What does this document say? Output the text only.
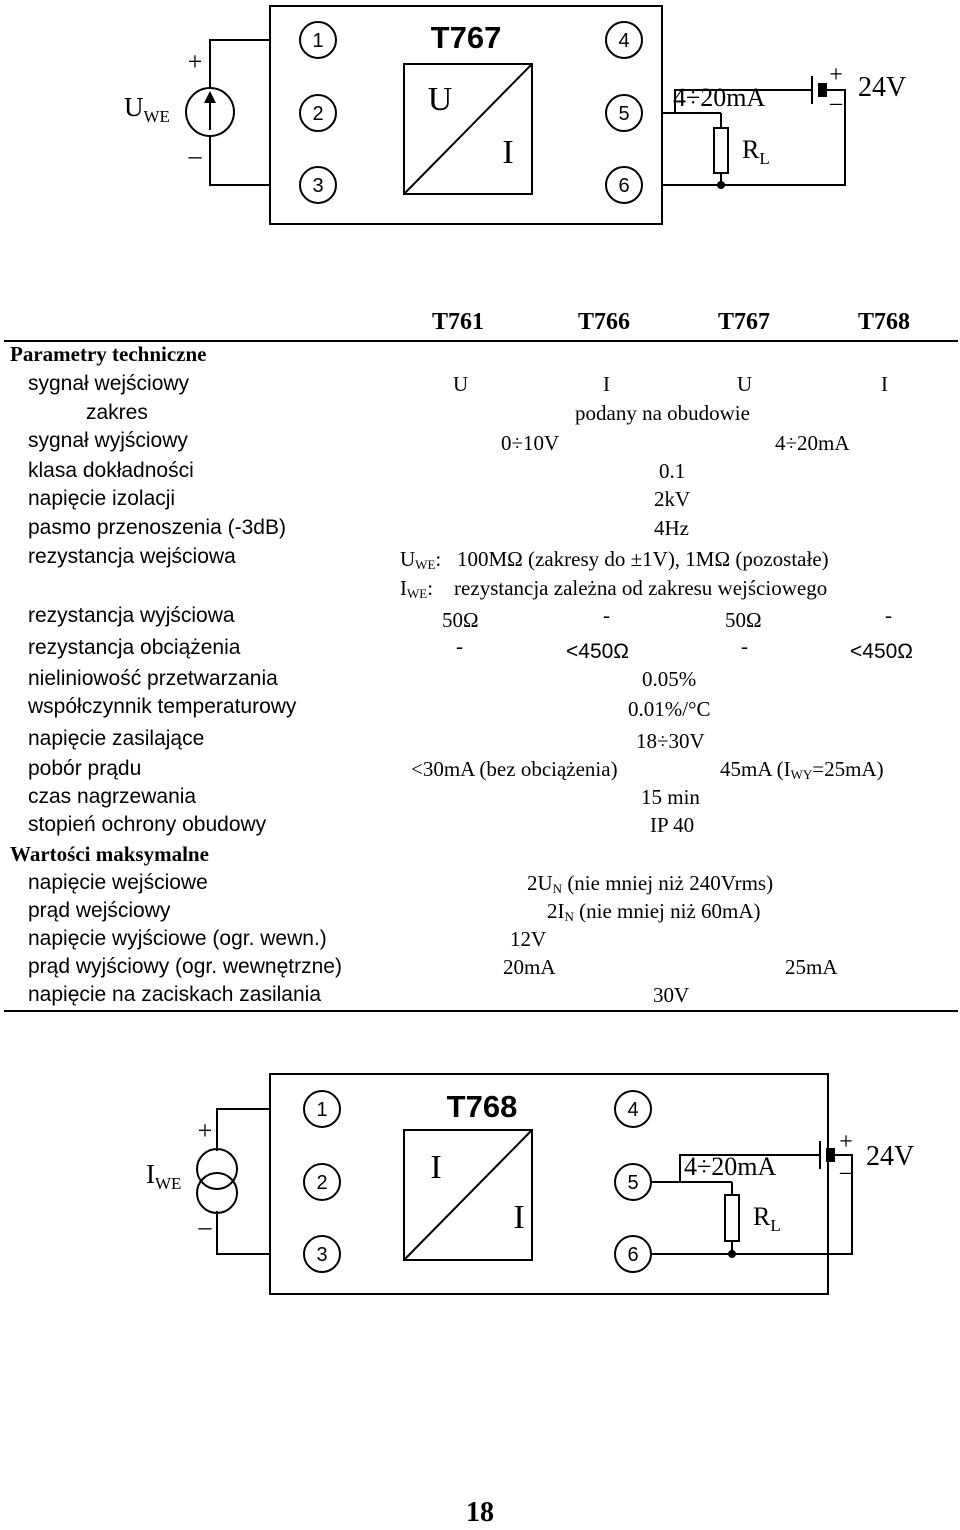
T767
U
I
1
2
3
4
5
6
+
–
$U_{WE}$
4÷20mA
$R_L$
+
– 24V
T761	T766	T767	T768
Parametry techniczne
sygnał wejściowy	U	I	U	I
zakres	podany na obudowie
sygnał wyjściowy	0÷10V	4÷20mA
klasa dokładności	0.1
napięcie izolacji	2kV
pasmo przenoszenia (-3dB)	4Hz
rezystancja wejściowa	$U_{WE}$:   100MΩ (zakresy do ±1V), 1MΩ (pozostałe)
$I_{WE}$:    rezystancja zależna od zakresu wejściowego
rezystancja wyjściowa	50Ω	-	50Ω	-
rezystancja obciążenia	-	<450Ω	-	<450Ω
nieliniowość przetwarzania	0.05%
współczynnik temperaturowy	0.01%/°C
napięcie zasilające	18÷30V
pobór prądu	<30mA (bez obciążenia)	45mA $(I_{WY}=25mA)$
czas nagrzewania	15 min
stopień ochrony obudowy	IP 40
Wartości maksymalne
napięcie wejściowe	$2U_N$ (nie mniej niż 240Vrms)
prąd wejściowy	$2I_N$ (nie mniej niż 60mA)
napięcie wyjściowe (ogr. wewn.)	12V
prąd wyjściowy (ogr. wewnętrzne)	20mA	25mA
napięcie na zaciskach zasilania	30V
T768
I
I
1
2
3
4
5
6
+
–
$I_{WE}$
4÷20mA
$R_L$
+
– 24V
18
